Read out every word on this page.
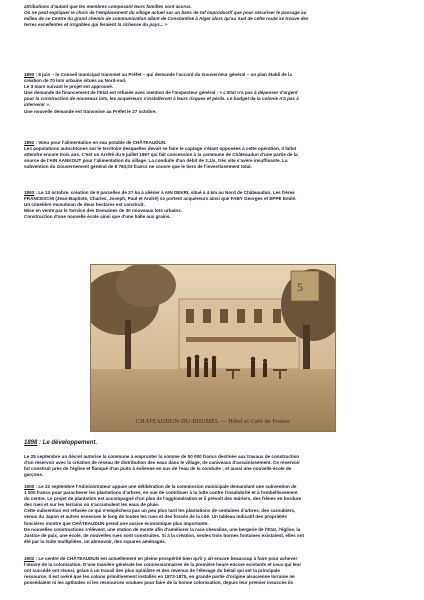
attributions d'autant que les membres composant leurs familles sont accrus.

On ne peut expliquer le choix de l'emplacement du village actuel sur un banc de tuf improductif que pour sécuriser le passage au

milieu de ce Centre du grand chemin de communication allant de Constantine à Alger alors qu'au Sud de cette route se trouve des

terres excellentes et irrigables qui feraient la richesse du pays... »

1890 : 8 juin – le Conseil municipal transmet au Préfet – qui demande l'accord du Gouverneur général – un plan établi de la

création de 70 lots urbains situés au Nord-sud.

Le 3 mars suivant le projet est approuvé.

Une demande de financement de l'Etat est refusée avec mention de l'Inspecteur général : « L'Etat n'a pas à dépenser d'argent

pour la construction de nouveaux lots, les acquéreurs s'installeront à leurs risques et périls. Le budget de la colonie n'a pas à

intervenir ».

Une nouvelle demande est transmise au Préfet le 27 octobre.

1892 : Voeu pour l'alimentation en eau potable de CHÂTEAUDUN.

Les populations autochtones sur le territoire desquelles devait se faire le captage s'étant opposées à cette opération, il fallut

attendre encore trois ans. C'est un Arrêté du 9 juillet 1897 qui fait concession à la commune de Châteaudun d'une partie de la

source de l'AIN AANKOUT pour l'alimentation du village. La conduite d'un débit de 2,1/s, très vite s'avère insuffisante. La

subvention du Gouvernement général de 8 763,03 francs ne couvre que le tiers de l'investissement total.

1893 : Le 13 octobre, création de 6 parcelles de 27 ha à aliéner à AIN DEKRI, situé à 4 km au Nord de Châteaudun. Les frères

FRANCESCHI (Jean-Baptiste, Charles, Joseph, Paul et André) se portent acquéreurs ainsi que FABY Georges et EPPE Emile.

Un cimetière musulman de deux hectares est construit.

Mise en vente par le Service des Domaines de 30 nouveaux lots urbains.

Construction d'une nouvelle école ainsi que d'une halle aux grains.

5
CHATEAUDUN-DU-RHUMEL — Hôtel et Café de France

1898 : Le développement.

Le 25 septembre un décret autorise la commune à emprunter la somme de 50 000 francs destinée aux travaux de construction

d'un réservoir avec la création de réseau de distribution des eaux dans le village, de caniveaux d'assainissement. Ce réservoir

fut construit près de l'église et flanqué d'un puits à éolienne en sus de l'eau de la conduite ; et aussi une nouvelle école de

garçons.

1900 : Le 22 septembre l'Administrateur appuie une délibération de la commission municipale demandant une subvention de

1 000 francs pour parachever les plantations d'arbres, en vue de contribuer à la lutte contre l'insalubrité et à l'embellissement

du centre. Le projet de plantation est accompagné d'un plan de l'agglomération et il prévoit des mûriers, des frênes en bordure

des rues et sur les terrains où s'accumulent les eaux de pluie.

Cette subvention est refusée ce qui n'empêchera pas un peu plus tard les plantations de centaines d'arbres, des caroubiers,

venus du Japon et autres essences le long de toutes les rues et des fossés de la cité. Un tableau indicatif des propriétés

foncières montre que CHÂTEAUDUN prend une assise économique plus importante.

De nouvelles constructions s'élèvent, une station de monte afin d'améliorer la race chevaline, une bergerie de l'Etat, l'église, la

Justice de paix, une école, de nouvelles rues sont construites. Si à la création, seules trois bornes fontaines existaient, elles ont

été par la suite multipliées, un abreuvoir, des squares aménagés.

1902 : Le centre de CHÂTEAUDUN est actuellement en pleine prospérité bien qu'il y ait encore beaucoup à faire pour achever

l'œuvre de la colonisation. D'une manière générale les concessionnaires de la première heure encore existants et ceux qui leur

ont succédé ont réussi, grâce à un travail des plus opiniâtre et des revenus de l'élevage du bétail qui est la principale

ressource. Il est avéré que les colons primitivement installés en 1873-1875, en grande partie d'origine alsacienne lorraine ne

possédaient ni les aptitudes ni les ressources voulues pour faire de la bonne colonisation, depuis leur premier insuccès ils
